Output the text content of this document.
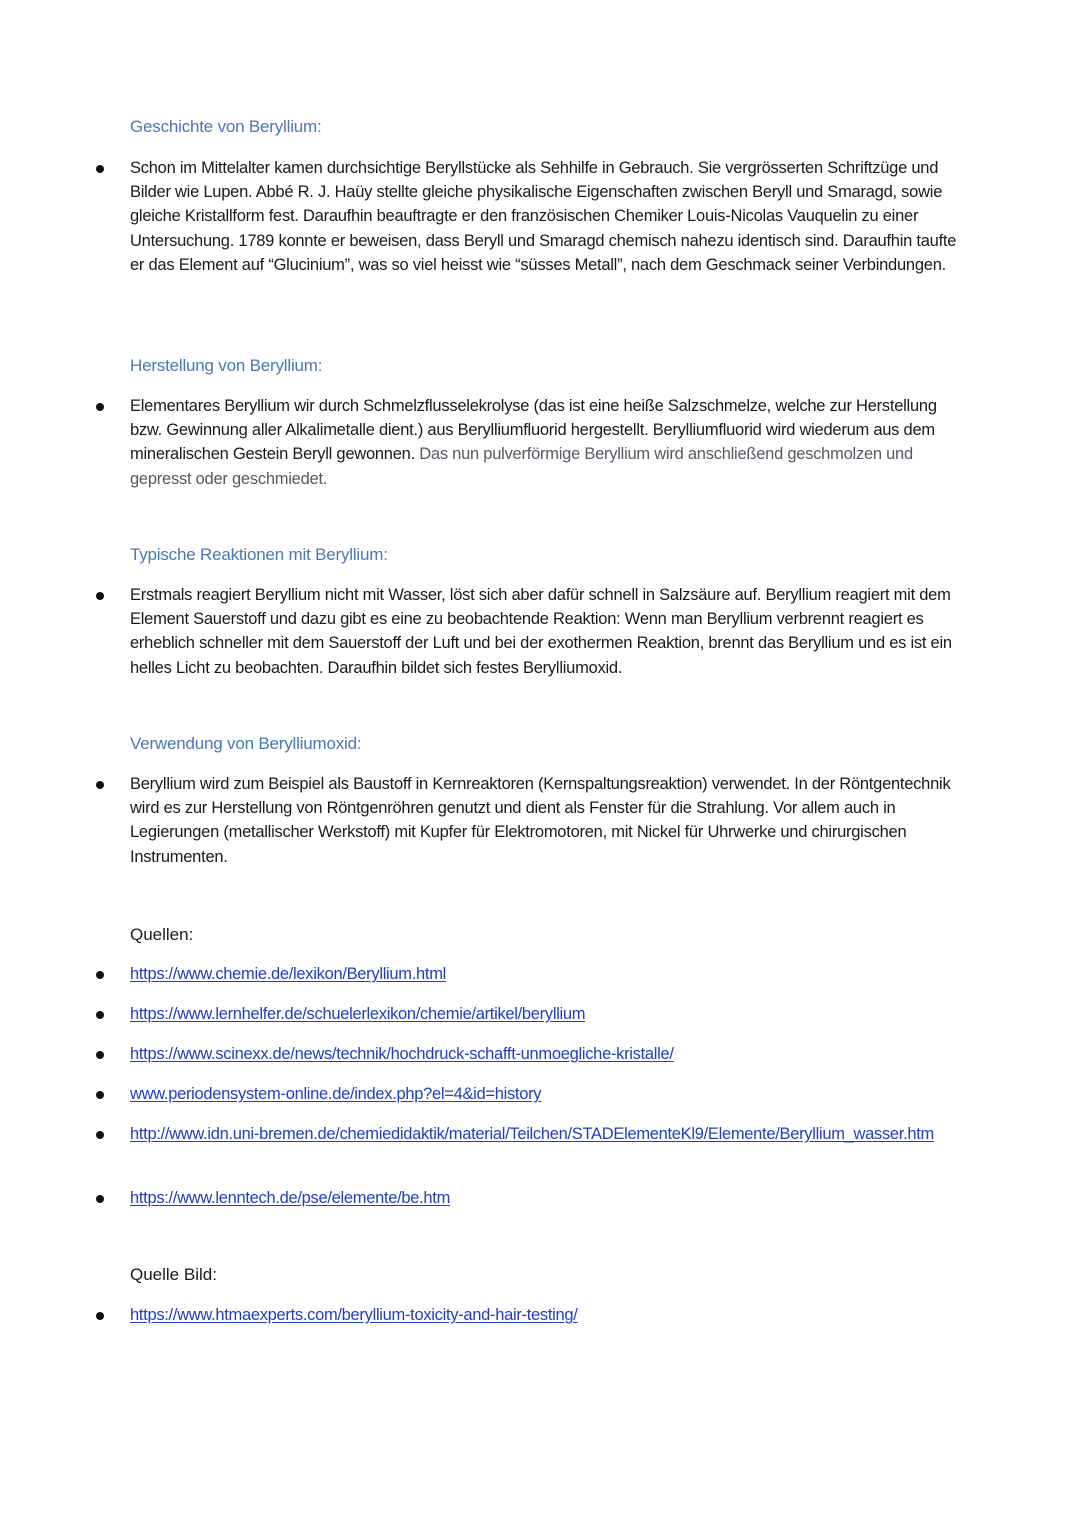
Geschichte von Beryllium:
Schon im Mittelalter kamen durchsichtige Beryllstücke als Sehhilfe in Gebrauch. Sie vergrösserten Schriftzüge und Bilder wie Lupen. Abbé R. J. Haüy stellte gleiche physikalische Eigenschaften zwischen Beryll und Smaragd, sowie gleiche Kristallform fest. Daraufhin beauftragte er den französischen Chemiker Louis-Nicolas Vauquelin zu einer Untersuchung. 1789 konnte er beweisen, dass Beryll und Smaragd chemisch nahezu identisch sind. Daraufhin taufte er das Element auf “Glucinium”, was so viel heisst wie “süsses Metall”, nach dem Geschmack seiner Verbindungen.
Herstellung von Beryllium:
Elementares Beryllium wir durch Schmelzflusselekrolyse (das ist eine heiße Salzschmelze, welche zur Herstellung bzw. Gewinnung aller Alkalimetalle dient.) aus Berylliumfluorid hergestellt. Berylliumfluorid wird wiederum aus dem mineralischen Gestein Beryll gewonnen. Das nun pulverförmige Beryllium wird anschließend geschmolzen und gepresst oder geschmiedet.
Typische Reaktionen mit Beryllium:
Erstmals reagiert Beryllium nicht mit Wasser, löst sich aber dafür schnell in Salzsäure auf. Beryllium reagiert mit dem Element Sauerstoff und dazu gibt es eine zu beobachtende Reaktion: Wenn man Beryllium verbrennt reagiert es erheblich schneller mit dem Sauerstoff der Luft und bei der exothermen Reaktion, brennt das Beryllium und es ist ein helles Licht zu beobachten. Daraufhin bildet sich festes Berylliumoxid.
Verwendung von Berylliumoxid:
Beryllium wird zum Beispiel als Baustoff in Kernreaktoren (Kernspaltungsreaktion) verwendet. In der Röntgentechnik wird es zur Herstellung von Röntgenröhren genutzt und dient als Fenster für die Strahlung. Vor allem auch in Legierungen (metallischer Werkstoff) mit Kupfer für Elektromotoren, mit Nickel für Uhrwerke und chirurgischen Instrumenten.
Quellen:
https://www.chemie.de/lexikon/Beryllium.html
https://www.lernhelfer.de/schuelerlexikon/chemie/artikel/beryllium
https://www.scinexx.de/news/technik/hochdruck-schafft-unmoegliche-kristalle/
www.periodensystem-online.de/index.php?el=4&id=history
http://www.idn.uni-bremen.de/chemiedidaktik/material/Teilchen/STADElementeKl9/Elemente/Beryllium_wasser.htm
https://www.lenntech.de/pse/elemente/be.htm
Quelle Bild:
https://www.htmaexperts.com/beryllium-toxicity-and-hair-testing/
